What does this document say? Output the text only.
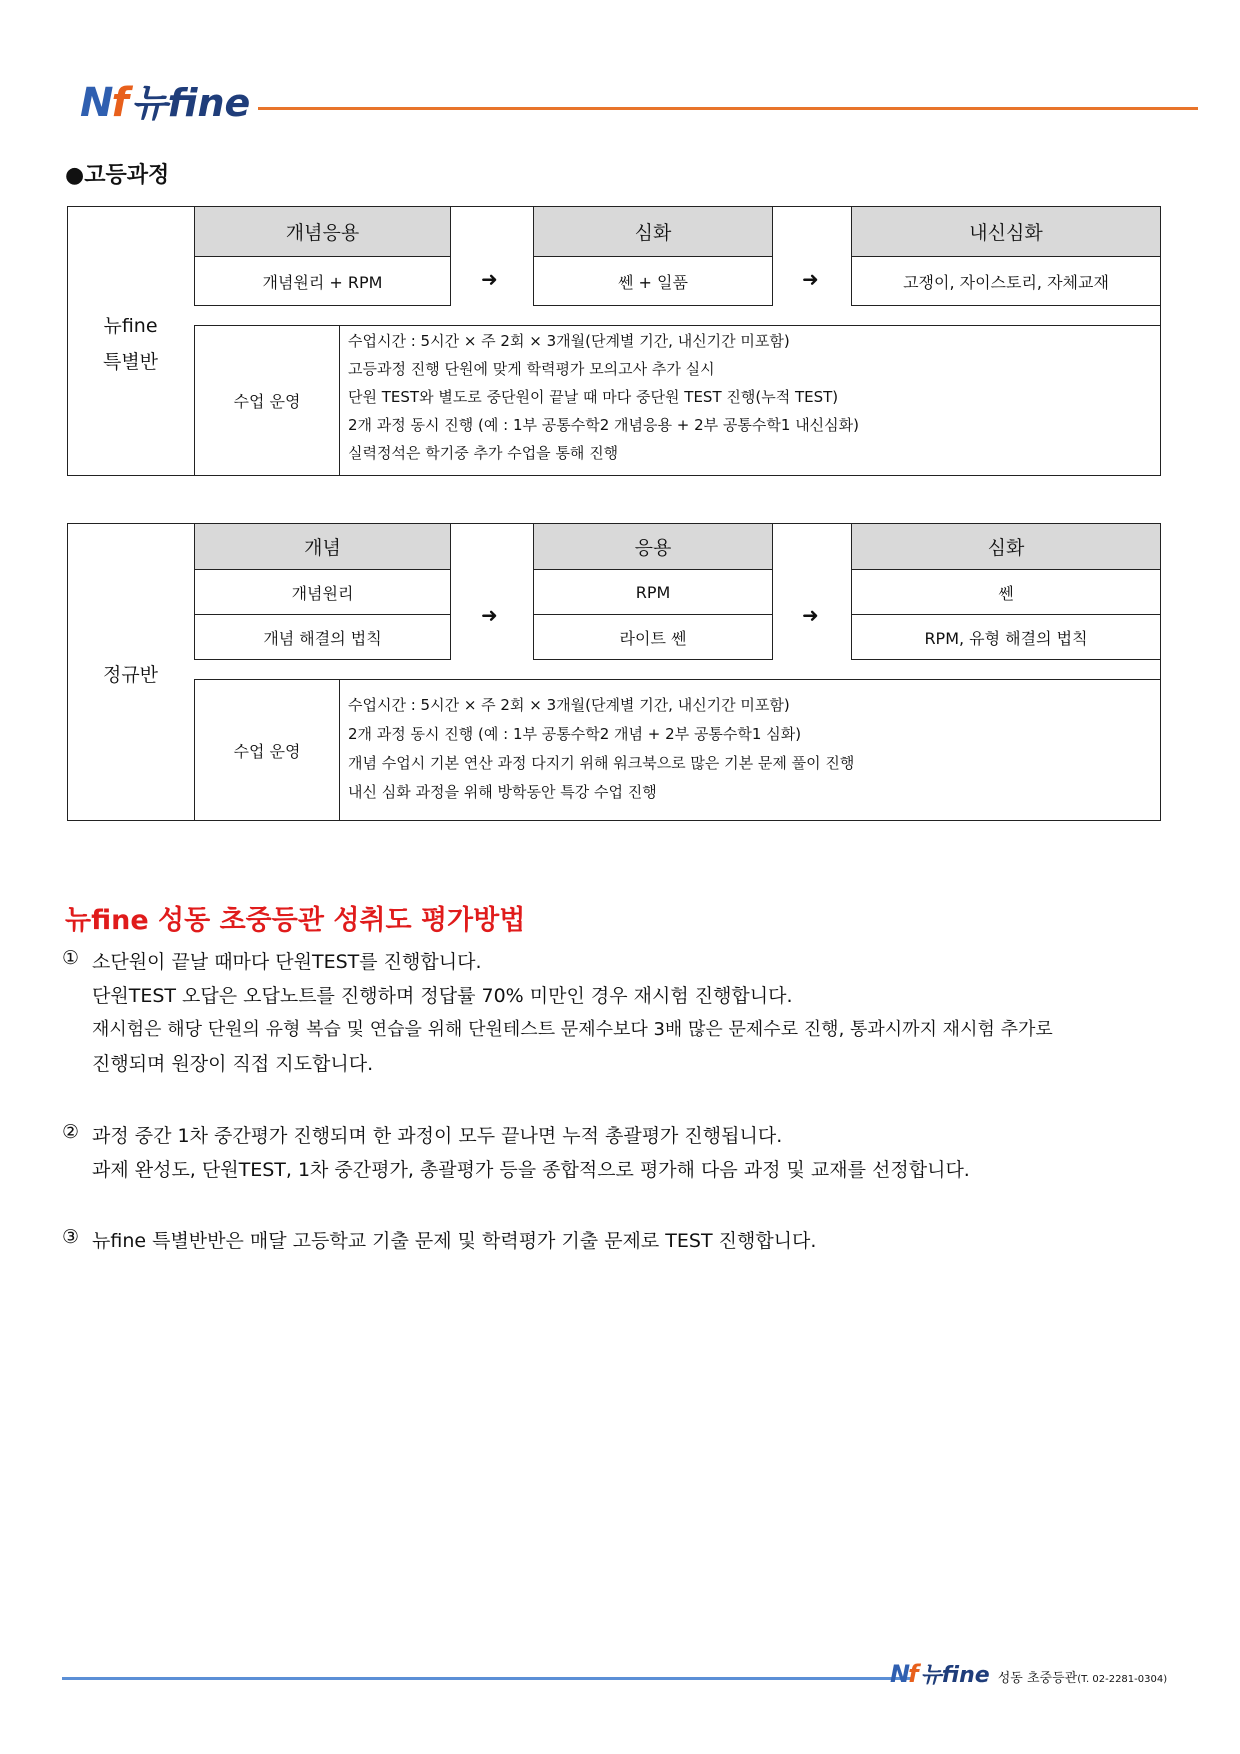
Nf 뉴fine
●고등과정
뉴fine
특별반
개념응용
개념원리 + RPM	➜
심화
쎈 + 일품	➜
내신심화
고쟁이, 자이스토리, 자체교재
수업 운영
수업시간 : 5시간 × 주 2회 × 3개월(단계별 기간, 내신기간 미포함)
고등과정 진행 단원에 맞게 학력평가 모의고사 추가 실시
단원 TEST와 별도로 중단원이 끝날 때 마다 중단원 TEST 진행(누적 TEST)
2개 과정 동시 진행 (예 : 1부 공통수학2 개념응용 + 2부 공통수학1 내신심화)
실력정석은 학기중 추가 수업을 통해 진행
정규반
개념
개념원리
개념 해결의 법칙
➜
응용
RPM
라이트 쎈
➜
심화
쎈
RPM, 유형 해결의 법칙
수업 운영
수업시간 : 5시간 × 주 2회 × 3개월(단계별 기간, 내신기간 미포함)
2개 과정 동시 진행 (예 : 1부 공통수학2 개념 + 2부 공통수학1 심화)
개념 수업시 기본 연산 과정 다지기 위해 워크북으로 많은 기본 문제 풀이 진행
내신 심화 과정을 위해 방학동안 특강 수업 진행
뉴fine 성동 초중등관 성취도 평가방법
① 소단원이 끝날 때마다 단원TEST를 진행합니다.
단원TEST 오답은 오답노트를 진행하며 정답률 70% 미만인 경우 재시험 진행합니다.
재시험은 해당 단원의 유형 복습 및 연습을 위해 단원테스트 문제수보다 3배 많은 문제수로 진행, 통과시까지 재시험 추가로
진행되며 원장이 직접 지도합니다.
② 과정 중간 1차 중간평가 진행되며 한 과정이 모두 끝나면 누적 총괄평가 진행됩니다.
과제 완성도, 단원TEST, 1차 중간평가, 총괄평가 등을 종합적으로 평가해 다음 과정 및 교재를 선정합니다.
③ 뉴fine 특별반반은 매달 고등학교 기출 문제 및 학력평가 기출 문제로 TEST 진행합니다.
Nf 뉴fine 성동 초중등관(T. 02-2281-0304)
